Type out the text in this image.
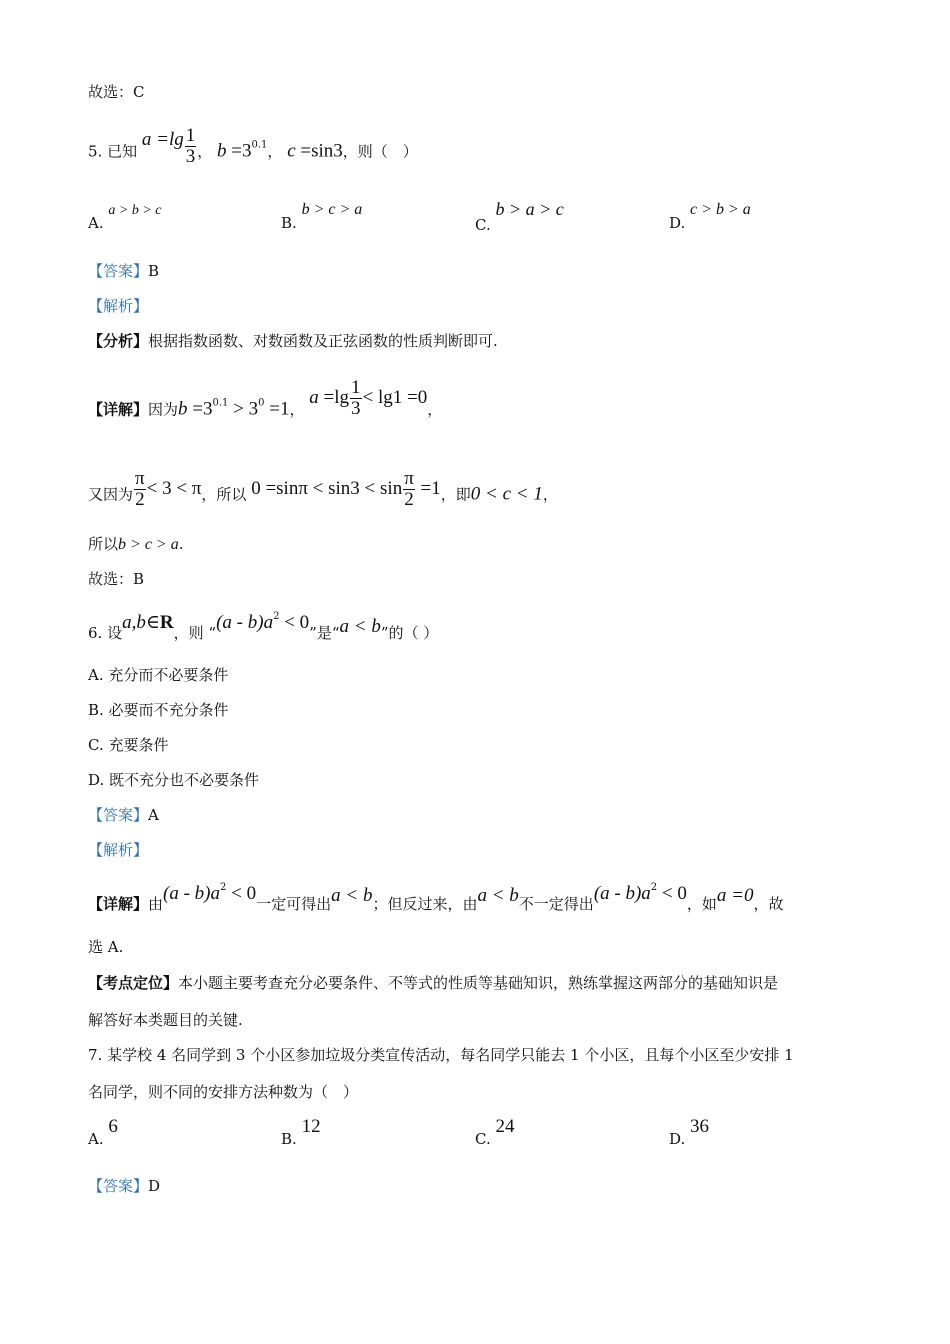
故选：C
5. 已知 $a =\lg \frac{1}{3}$ ， $b =3^{0.1}$， c =sin3，则（　）
A. a > b > c
B. b > c > a
C. b > a > c
D. c > b > a
【答案】B
【解析】
【分析】根据指数函数、对数函数及正弦函数的性质判断即可.
【详解】因为$b =3^{0.1} > 3^0 =1$， $a =\lg \frac{1}{3} < \lg 1 =0$，
又因为 $\frac{\pi}{2} < 3 < \pi$，所以 $0 =\sin\pi < \sin 3 < \sin \frac{\pi}{2} =1$，即0 < c < 1，
所以b > c > a.
故选：B
6. 设a,b∈R，则 “$(a - b)a^2 < 0$”是“a < b”的（ ）
A. 充分而不必要条件
B. 必要而不充分条件
C. 充要条件
D. 既不充分也不必要条件
【答案】A
【解析】
【详解】由$(a - b)a^2 < 0$一定可得出a < b；但反过来，由a < b不一定得出$(a - b)a^2 < 0$，如a =0，故
选 A.
【考点定位】本小题主要考查充分必要条件、不等式的性质等基础知识，熟练掌握这两部分的基础知识是
解答好本类题目的关键.
7. 某学校 4 名同学到 3 个小区参加垃圾分类宣传活动，每名同学只能去 1 个小区，且每个小区至少安排 1
名同学，则不同的安排方法种数为（　）
A. 6
B. 12
C. 24
D. 36
【答案】D
